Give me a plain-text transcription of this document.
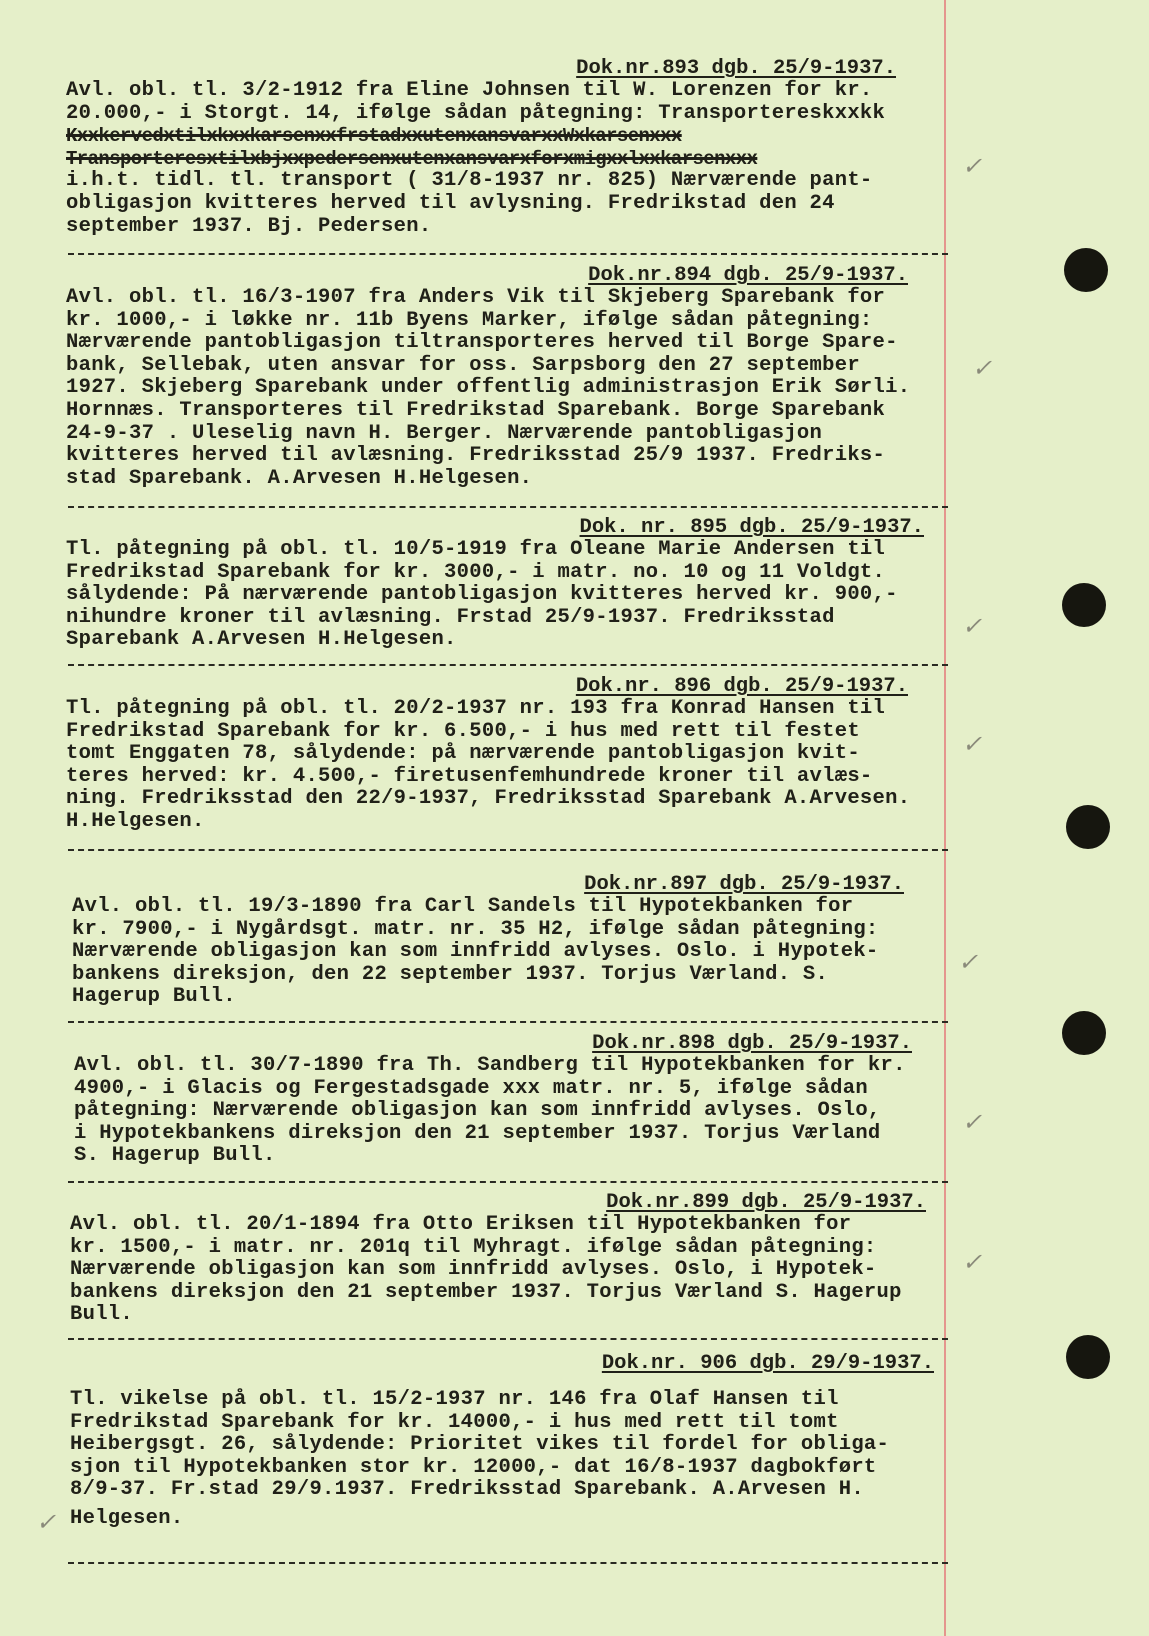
✓
✓
✓
✓
✓
✓
✓
✓
Dok.nr.893 dgb. 25/9-1937.
Avl. obl. tl. 3/2-1912 fra Eline Johnsen til W. Lorenzen for kr.
20.000,- i Storgt. 14, ifølge sådan påtegning: Transportereskxxkk
KxxkervedxtilxkxxkarsenxxfrstadxxutenxansvarxxWxkarsenxxx
Transporteresxtilxbjxxpedersenxutenxansvarxforxmigxxlxxkarsenxxx
i.h.t. tidl. tl. transport ( 31/8-1937 nr. 825) Nærværende pant-
obligasjon kvitteres herved til avlysning. Fredrikstad den 24
september 1937. Bj. Pedersen.
Dok.nr.894 dgb. 25/9-1937.
Avl. obl. tl. 16/3-1907 fra Anders Vik til Skjeberg Sparebank for
kr. 1000,- i løkke nr. 11b Byens Marker, ifølge sådan påtegning:
Nærværende pantobligasjon tiltransporteres herved til Borge Spare-
bank, Sellebak, uten ansvar for oss. Sarpsborg den 27 september
1927. Skjeberg Sparebank under offentlig administrasjon Erik Sørli.
Hornnæs. Transporteres til Fredrikstad Sparebank. Borge Sparebank
24-9-37 . Uleselig navn H. Berger. Nærværende pantobligasjon
kvitteres herved til avlæsning. Fredriksstad 25/9 1937. Fredriks-
stad Sparebank. A.Arvesen H.Helgesen.
Dok. nr. 895 dgb. 25/9-1937.
Tl. påtegning på obl. tl. 10/5-1919 fra Oleane Marie Andersen til
Fredrikstad Sparebank for kr. 3000,- i matr. no. 10 og 11 Voldgt.
sålydende: På nærværende pantobligasjon kvitteres herved kr. 900,-
nihundre kroner til avlæsning. Frstad 25/9-1937. Fredriksstad
Sparebank A.Arvesen H.Helgesen.
Dok.nr. 896 dgb. 25/9-1937.
Tl. påtegning på obl. tl. 20/2-1937 nr. 193 fra Konrad Hansen til
Fredrikstad Sparebank for kr. 6.500,- i hus med rett til festet
tomt Enggaten 78, sålydende: på nærværende pantobligasjon kvit-
teres herved: kr. 4.500,- firetusenfemhundrede kroner til avlæs-
ning. Fredriksstad den 22/9-1937, Fredriksstad Sparebank A.Arvesen.
H.Helgesen.
Dok.nr.897 dgb. 25/9-1937.
Avl. obl. tl. 19/3-1890 fra Carl Sandels til Hypotekbanken for
kr. 7900,- i Nygårdsgt. matr. nr. 35 H2, ifølge sådan påtegning:
Nærværende obligasjon kan som innfridd avlyses. Oslo. i Hypotek-
bankens direksjon, den 22 september 1937. Torjus Værland. S.
Hagerup Bull.
Dok.nr.898 dgb. 25/9-1937.
Avl. obl. tl. 30/7-1890 fra Th. Sandberg til Hypotekbanken for kr.
4900,- i Glacis og Fergestadsgade xxx matr. nr. 5, ifølge sådan
påtegning: Nærværende obligasjon kan som innfridd avlyses. Oslo,
i Hypotekbankens direksjon den 21 september 1937. Torjus Værland
S. Hagerup Bull.
Dok.nr.899 dgb. 25/9-1937.
Avl. obl. tl. 20/1-1894 fra Otto Eriksen til Hypotekbanken for
kr. 1500,- i matr. nr. 201q til Myhragt. ifølge sådan påtegning:
Nærværende obligasjon kan som innfridd avlyses. Oslo, i Hypotek-
bankens direksjon den 21 september 1937. Torjus Værland S. Hagerup
Bull.
Dok.nr. 906 dgb. 29/9-1937.
Tl. vikelse på obl. tl. 15/2-1937 nr. 146 fra Olaf Hansen til
Fredrikstad Sparebank for kr. 14000,- i hus med rett til tomt
Heibergsgt. 26, sålydende: Prioritet vikes til fordel for obliga-
sjon til Hypotekbanken stor kr. 12000,- dat 16/8-1937 dagbokført
8/9-37. Fr.stad 29/9.1937. Fredriksstad Sparebank. A.Arvesen H.
Helgesen.
